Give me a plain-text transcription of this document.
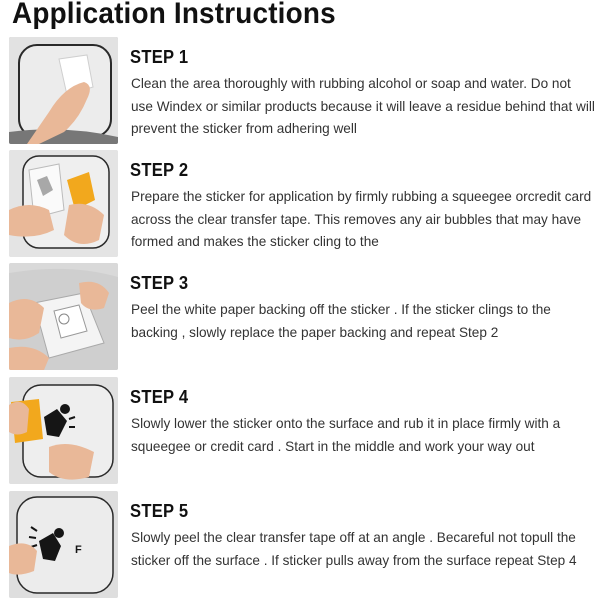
Application Instructions
STEP 1
Clean the area thoroughly with rubbing alcohol or soap and water. Do not use Windex or similar products because it will leave a residue behind that will prevent the sticker from adhering well
STEP 2
Prepare the sticker for application by firmly rubbing a squeegee orcredit card across the clear transfer tape. This removes any air bubbles that may have formed and makes the sticker cling to the
STEP 3
Peel the white paper backing off the sticker . If the sticker clings to the backing , slowly replace the paper backing and repeat Step 2
STEP 4
Slowly lower the sticker onto the surface and rub it in place firmly with a squeegee or credit card . Start in the middle and work your way out
F
STEP 5
Slowly peel the clear transfer tape off at an angle . Becareful not topull the sticker off the surface . If sticker pulls away from the surface repeat Step 4
